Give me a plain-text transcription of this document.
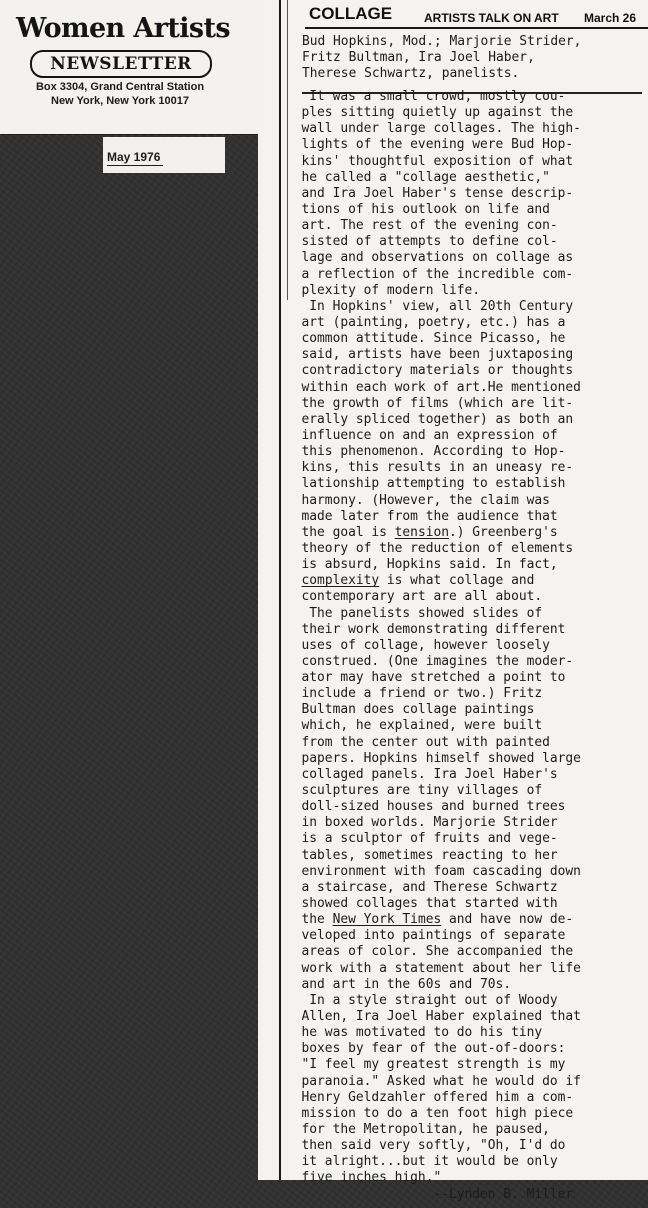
Women Artists
NEWSLETTER
Box 3304, Grand Central Station
New York, New York 10017
May 1976
COLLAGE	ARTISTS TALK ON ART March 26
Bud Hopkins, Mod.; Marjorie Strider,
Fritz Bultman, Ira Joel Haber,
Therese Schwartz, panelists.
It was a small crowd, mostly cou-
ples sitting quietly up against the
wall under large collages. The high-
lights of the evening were Bud Hop-
kins' thoughtful exposition of what
he called a "collage aesthetic,"
and Ira Joel Haber's tense descrip-
tions of his outlook on life and
art. The rest of the evening con-
sisted of attempts to define col-
lage and observations on collage as
a reflection of the incredible com-
plexity of modern life.
In Hopkins' view, all 20th Century
art (painting, poetry, etc.) has a
common attitude. Since Picasso, he
said, artists have been juxtaposing
contradictory materials or thoughts
within each work of art.He mentioned
the growth of films (which are lit-
erally spliced together) as both an
influence on and an expression of
this phenomenon. According to Hop-
kins, this results in an uneasy re-
lationship attempting to establish
harmony. (However, the claim was
made later from the audience that
the goal is tension.) Greenberg's
theory of the reduction of elements
is absurd, Hopkins said. In fact,
complexity is what collage and
contemporary art are all about.
The panelists showed slides of
their work demonstrating different
uses of collage, however loosely
construed. (One imagines the moder-
ator may have stretched a point to
include a friend or two.) Fritz
Bultman does collage paintings
which, he explained, were built
from the center out with painted
papers. Hopkins himself showed large
collaged panels. Ira Joel Haber's
sculptures are tiny villages of
doll-sized houses and burned trees
in boxed worlds. Marjorie Strider
is a sculptor of fruits and vege-
tables, sometimes reacting to her
environment with foam cascading down
a staircase, and Therese Schwartz
showed collages that started with
the New York Times and have now de-
veloped into paintings of separate
areas of color. She accompanied the
work with a statement about her life
and art in the 60s and 70s.
In a style straight out of Woody
Allen, Ira Joel Haber explained that
he was motivated to do his tiny
boxes by fear of the out-of-doors:
"I feel my greatest strength is my
paranoia." Asked what he would do if
Henry Geldzahler offered him a com-
mission to do a ten foot high piece
for the Metropolitan, he paused,
then said very softly, "Oh, I'd do
it alright...but it would be only
five inches high."
--Lynden B. Miller
